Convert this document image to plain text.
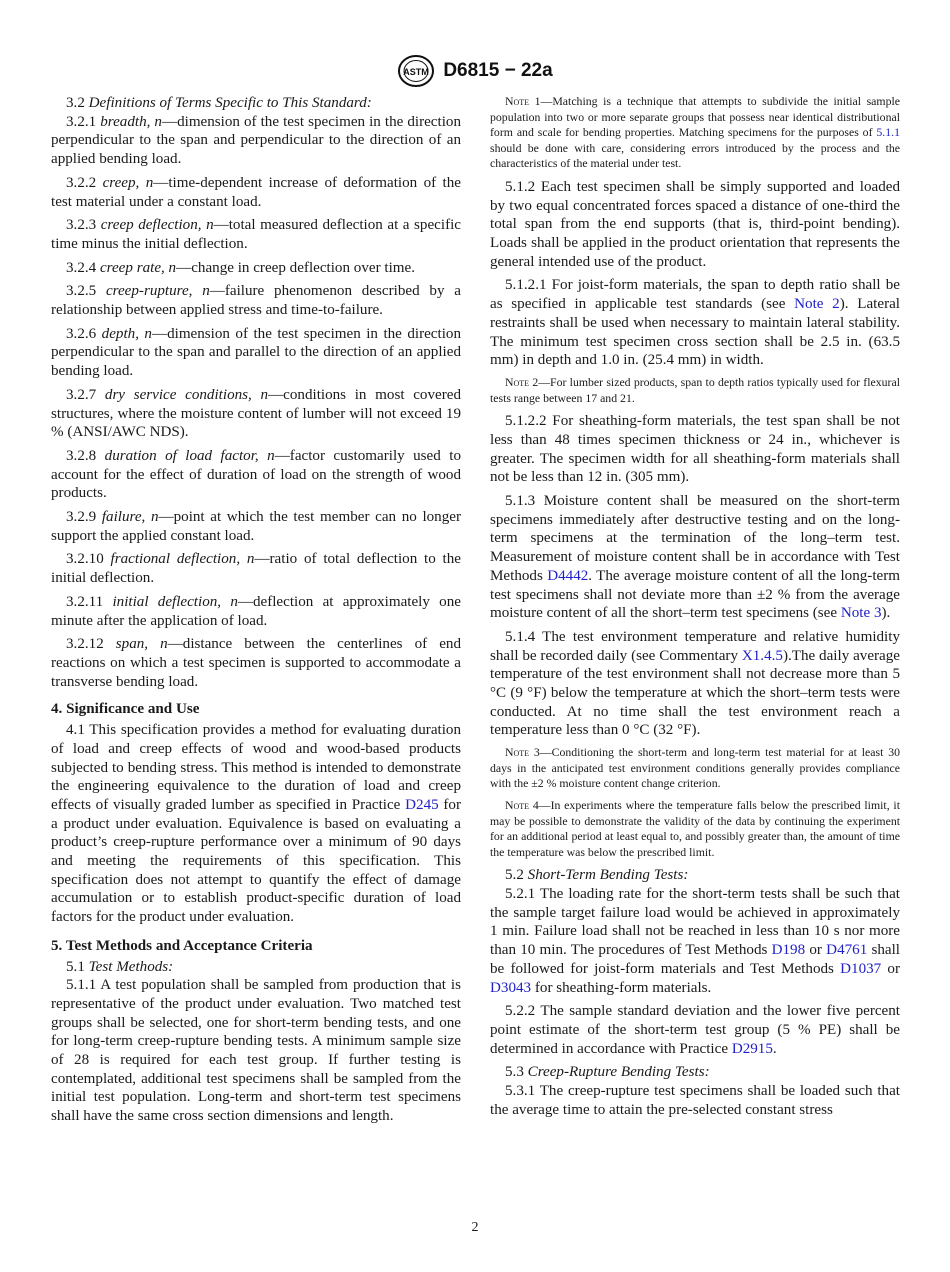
ASTM D6815 − 22a

3.2 Definitions of Terms Specific to This Standard:

3.2.1 breadth, n—dimension of the test specimen in the direction perpendicular to the span and perpendicular to the direction of an applied bending load.

3.2.2 creep, n—time-dependent increase of deformation of the test material under a constant load.

3.2.3 creep deflection, n—total measured deflection at a specific time minus the initial deflection.

3.2.4 creep rate, n—change in creep deflection over time.

3.2.5 creep-rupture, n—failure phenomenon described by a relationship between applied stress and time-to-failure.

3.2.6 depth, n—dimension of the test specimen in the direction perpendicular to the span and parallel to the direction of an applied bending load.

3.2.7 dry service conditions, n—conditions in most covered structures, where the moisture content of lumber will not exceed 19 % (ANSI/AWC NDS).

3.2.8 duration of load factor, n—factor customarily used to account for the effect of duration of load on the strength of wood products.

3.2.9 failure, n—point at which the test member can no longer support the applied constant load.

3.2.10 fractional deflection, n—ratio of total deflection to the initial deflection.

3.2.11 initial deflection, n—deflection at approximately one minute after the application of load.

3.2.12 span, n—distance between the centerlines of end reactions on which a test specimen is supported to accommodate a transverse bending load.

4. Significance and Use

4.1 This specification provides a method for evaluating duration of load and creep effects of wood and wood-based products subjected to bending stress. This method is intended to demonstrate the engineering equivalence to the duration of load and creep effects of visually graded lumber as specified in Practice D245 for a product under evaluation. Equivalence is based on evaluating a product’s creep-rupture performance over a minimum of 90 days and meeting the requirements of this specification. This specification does not attempt to quantify the effect of damage accumulation or to establish product-specific duration of load factors for the product under evaluation.

5. Test Methods and Acceptance Criteria

5.1 Test Methods:

5.1.1 A test population shall be sampled from production that is representative of the product under evaluation. Two matched test groups shall be selected, one for short-term bending tests, and one for long-term creep-rupture bending tests. A minimum sample size of 28 is required for each test group. If further testing is contemplated, additional test specimens shall be sampled from the initial test population. Long-term and short-term test specimens shall have the same cross section dimensions and length.

Note 1—Matching is a technique that attempts to subdivide the initial sample population into two or more separate groups that possess near identical distributional form and scale for bending properties. Matching specimens for the purposes of 5.1.1 should be done with care, considering errors introduced by the process and the characteristics of the material under test.

5.1.2 Each test specimen shall be simply supported and loaded by two equal concentrated forces spaced a distance of one-third the total span from the end supports (that is, third-point bending). Loads shall be applied in the product orientation that represents the general intended use of the product.

5.1.2.1 For joist-form materials, the span to depth ratio shall be as specified in applicable test standards (see Note 2). Lateral restraints shall be used when necessary to maintain lateral stability. The minimum test specimen cross section shall be 2.5 in. (63.5 mm) in depth and 1.0 in. (25.4 mm) in width.

Note 2—For lumber sized products, span to depth ratios typically used for flexural tests range between 17 and 21.

5.1.2.2 For sheathing-form materials, the test span shall be not less than 48 times specimen thickness or 24 in., whichever is greater. The specimen width for all sheathing-form materials shall not be less than 12 in. (305 mm).

5.1.3 Moisture content shall be measured on the short-term specimens immediately after destructive testing and on the long-term specimens at the termination of the long–term test. Measurement of moisture content shall be in accordance with Test Methods D4442. The average moisture content of all the long-term test specimens shall not deviate more than ±2 % from the average moisture content of all the short–term test specimens (see Note 3).

5.1.4 The test environment temperature and relative humidity shall be recorded daily (see Commentary X1.4.5).The daily average temperature of the test environment shall not decrease more than 5 °C (9 °F) below the temperature at which the short–term tests were conducted. At no time shall the test environment reach a temperature less than 0 °C (32 °F).

Note 3—Conditioning the short-term and long-term test material for at least 30 days in the anticipated test environment conditions generally provides compliance with the ±2 % moisture content change criterion.
Note 4—In experiments where the temperature falls below the prescribed limit, it may be possible to demonstrate the validity of the data by continuing the experiment for an additional period at least equal to, and possibly greater than, the amount of time the temperature was below the prescribed limit.

5.2 Short-Term Bending Tests:

5.2.1 The loading rate for the short-term tests shall be such that the sample target failure load would be achieved in approximately 1 min. Failure load shall not be reached in less than 10 s nor more than 10 min. The procedures of Test Methods D198 or D4761 shall be followed for joist-form materials and Test Methods D1037 or D3043 for sheathing-form materials.

5.2.2 The sample standard deviation and the lower five percent point estimate of the short-term test group (5 % PE) shall be determined in accordance with Practice D2915.

5.3 Creep-Rupture Bending Tests:

5.3.1 The creep-rupture test specimens shall be loaded such that the average time to attain the pre-selected constant stress

2
